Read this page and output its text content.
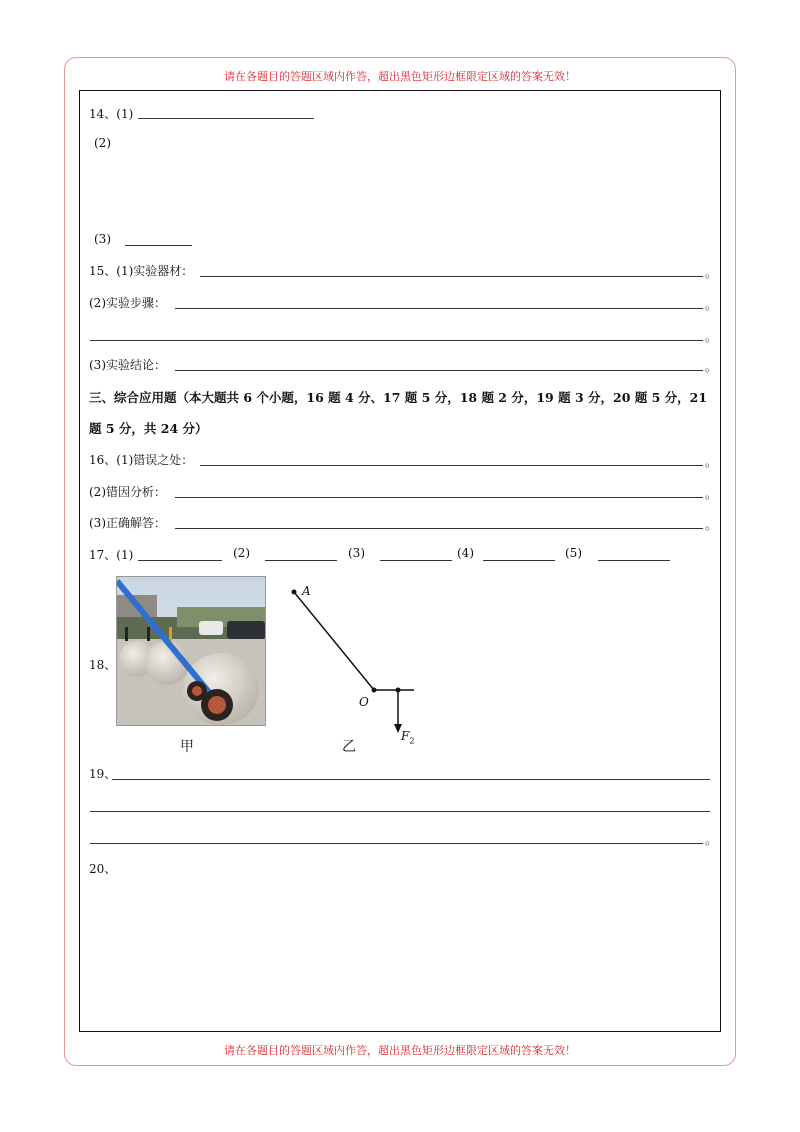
请在各题目的答题区域内作答，超出黑色矩形边框限定区域的答案无效！
请在各题目的答题区域内作答，超出黑色矩形边框限定区域的答案无效！
14、(1)
(2)
(3)
15、(1)实验器材：	。
(2)实验步骤：	。
。
(3)实验结论：	。
三、综合应用题（本大题共 6 个小题，16 题 4 分、17 题 5 分，18 题 2 分，19 题 3 分，20 题 5 分，21
题 5 分，共 24 分）
16、(1)错误之处：	。
(2)错因分析：	。
(3)正确解答：	。
17、(1)	(2)	(3)	(4)	(5)
18、
甲
A
O
$F_2$
乙
19、
。
20、
